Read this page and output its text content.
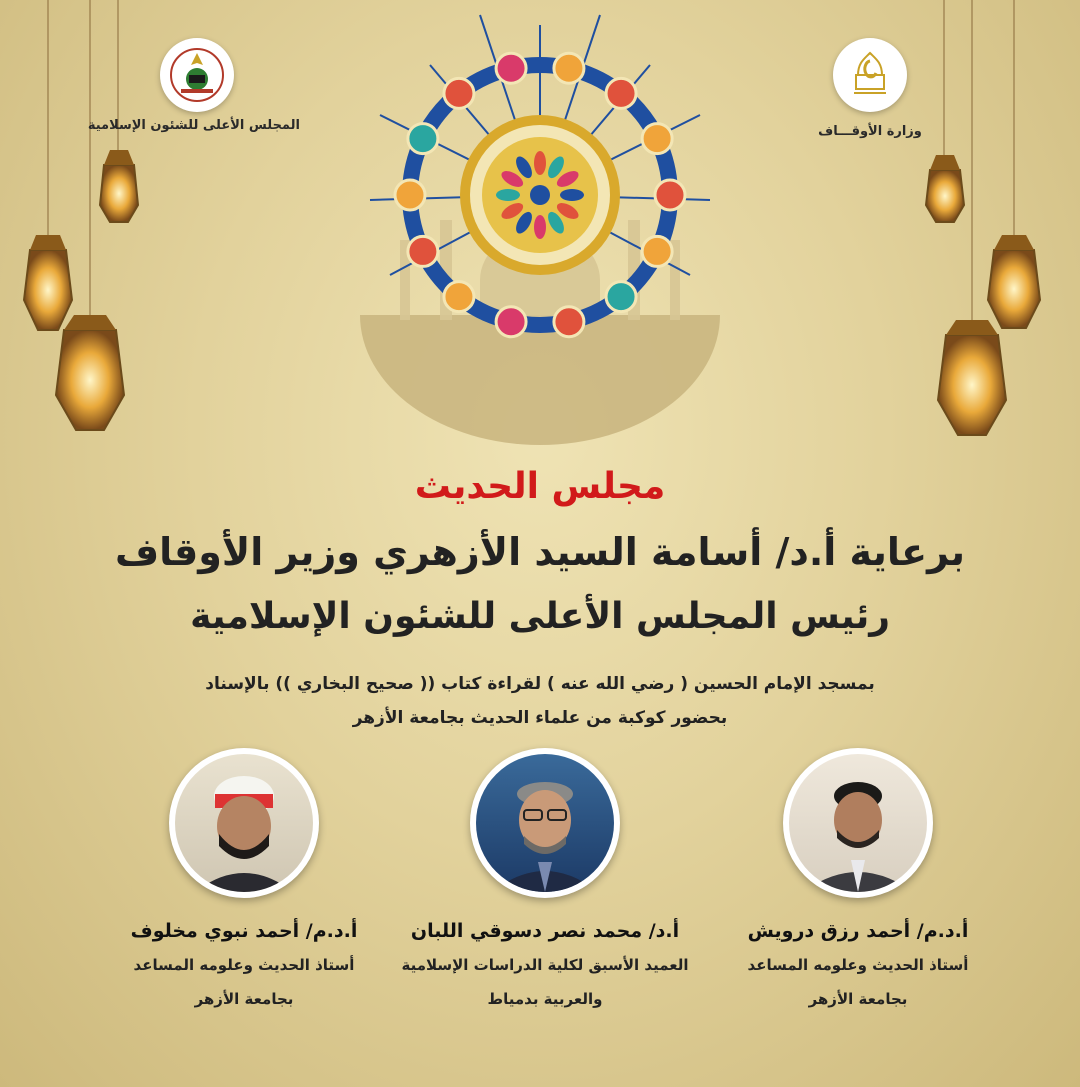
المجلس الأعلى للشئون الإسلامية	وزارة الأوقـــاف
مجلس الحديث
برعاية أ.د/ أسامة السيد الأزهري وزير الأوقاف
رئيس المجلس الأعلى للشئون الإسلامية
بمسجد الإمام الحسين ( رضي الله عنه ) لقراءة كتاب (( صحيح البخاري )) بالإسناد
بحضور كوكبة من علماء الحديث بجامعة الأزهر
أ.د.م/ أحمد نبوي مخلوف
أستاذ الحديث وعلومه المساعد
بجامعة الأزهر
أ.د/ محمد نصر دسوقي اللبان
العميد الأسبق لكلية الدراسات الإسلامية
والعربية بدمياط
أ.د.م/ أحمد رزق درويش
أستاذ الحديث وعلومه المساعد
بجامعة الأزهر
